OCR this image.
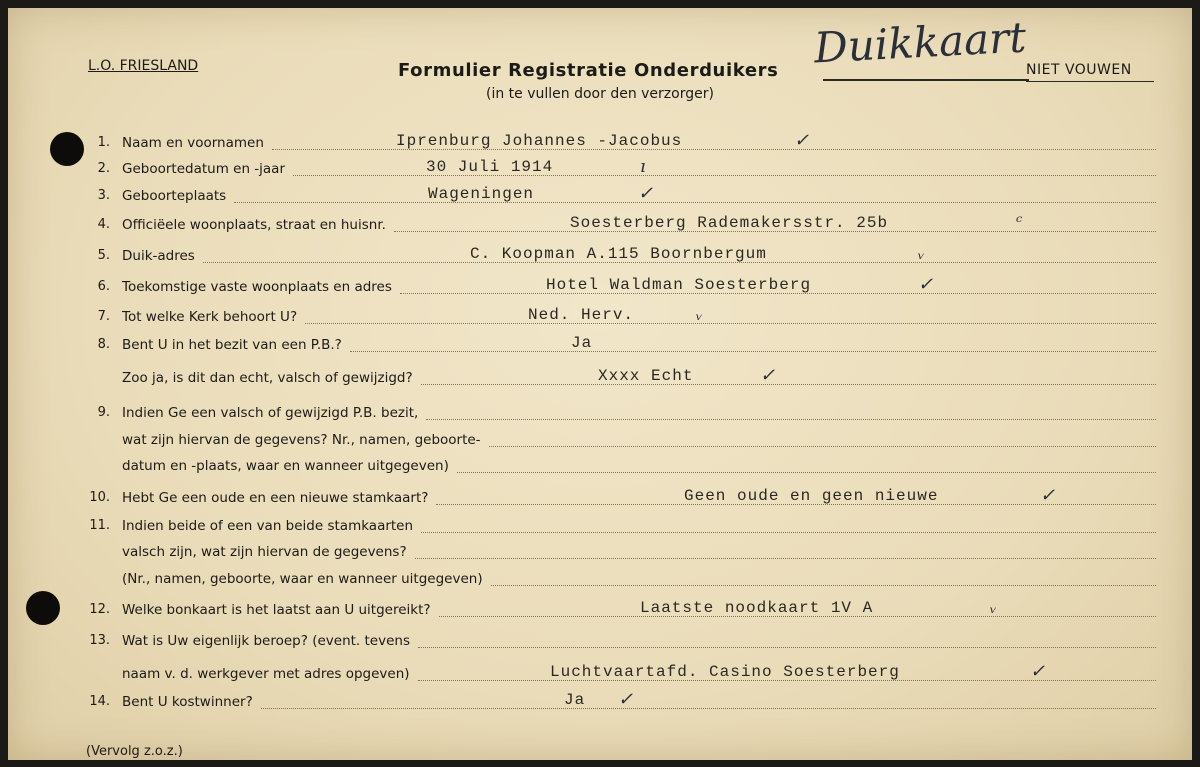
Duikkaart
L.O. FRIESLAND	Formulier Registratie Onderduikers
(in te vullen door den verzorger)
NIET VOUWEN
1. Naam en voornamen	Iprenburg Johannes -Jacobus	✓
2. Geboortedatum en -jaar	30 Juli 1914	ı
3. Geboorteplaats	Wageningen	✓
4. Officiëele woonplaats, straat en huisnr.	Soesterberg Rademakersstr. 25b	ᶜ
5. Duik-adres	C. Koopman A.115 Boornbergum	ᵥ
6. Toekomstige vaste woonplaats en adres	Hotel Waldman Soesterberg	✓
7. Tot welke Kerk behoort U?	Ned. Herv.	ᵥ
8. Bent U in het bezit van een P.B.?	Ja
Zoo ja, is dit dan echt, valsch of gewijzigd?	Xxxx Echt	✓
9. Indien Ge een valsch of gewijzigd P.B. bezit,
wat zijn hiervan de gegevens? Nr., namen, geboorte-
datum en -plaats, waar en wanneer uitgegeven)
10. Hebt Ge een oude en een nieuwe stamkaart?	Geen oude en geen nieuwe	✓
11. Indien beide of een van beide stamkaarten
valsch zijn, wat zijn hiervan de gegevens?
(Nr., namen, geboorte, waar en wanneer uitgegeven)
12. Welke bonkaart is het laatst aan U uitgereikt?	Laatste noodkaart 1V A	ᵥ
13. Wat is Uw eigenlijk beroep? (event. tevens
naam v. d. werkgever met adres opgeven)	Luchtvaartafd. Casino Soesterberg	✓
14. Bent U kostwinner?	Ja ✓
(Vervolg z.o.z.)
